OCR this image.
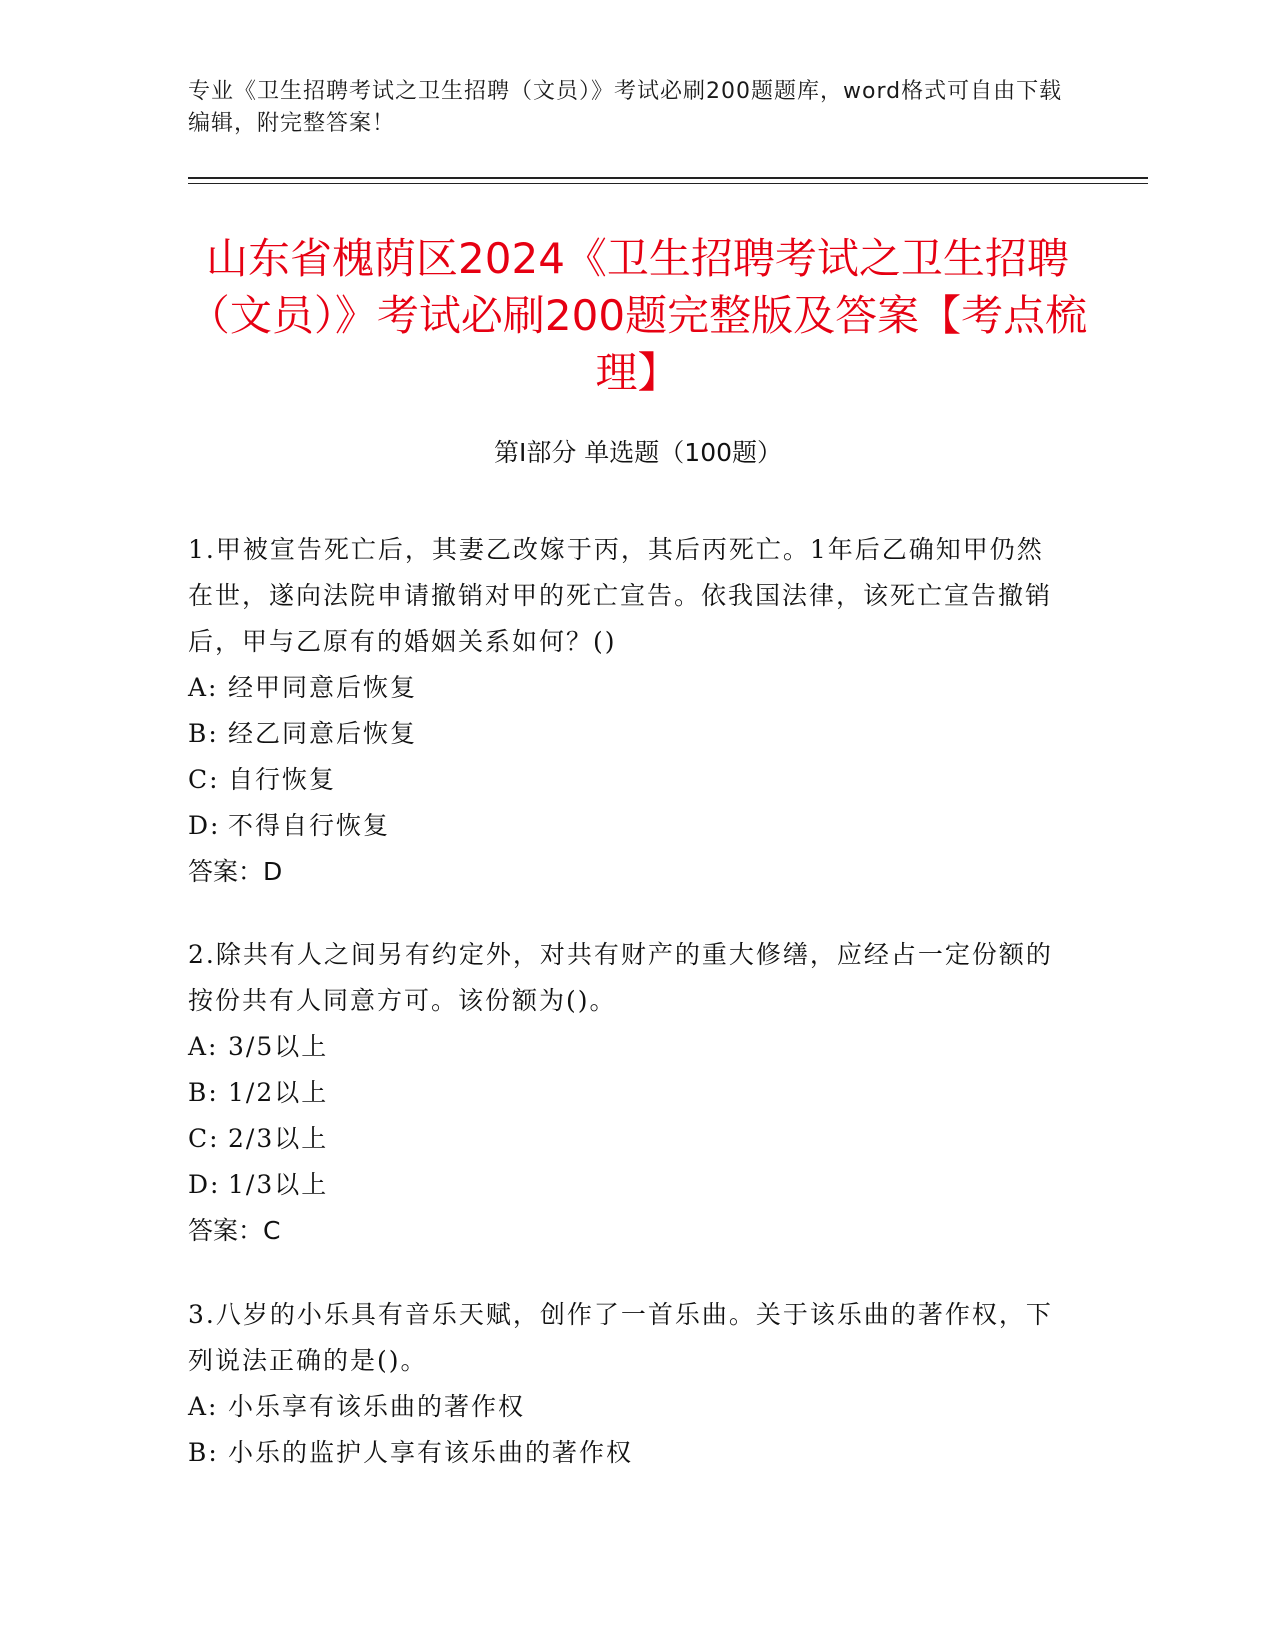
专业《卫生招聘考试之卫生招聘（文员）》考试必刷200题题库，word格式可自由下载编辑，附完整答案！
山东省槐荫区2024《卫生招聘考试之卫生招聘（文员）》考试必刷200题完整版及答案【考点梳理】
第Ⅰ部分 单选题（100题）

1.甲被宣告死亡后，其妻乙改嫁于丙，其后丙死亡。1年后乙确知甲仍然在世，遂向法院申请撤销对甲的死亡宣告。依我国法律，该死亡宣告撤销后，甲与乙原有的婚姻关系如何？()

A: 经甲同意后恢复

B: 经乙同意后恢复

C: 自行恢复

D: 不得自行恢复

答案：D

2.除共有人之间另有约定外，对共有财产的重大修缮，应经占一定份额的按份共有人同意方可。该份额为()。

A: 3/5以上

B: 1/2以上

C: 2/3以上

D: 1/3以上

答案：C

3.八岁的小乐具有音乐天赋，创作了一首乐曲。关于该乐曲的著作权，下列说法正确的是()。

A: 小乐享有该乐曲的著作权

B: 小乐的监护人享有该乐曲的著作权
